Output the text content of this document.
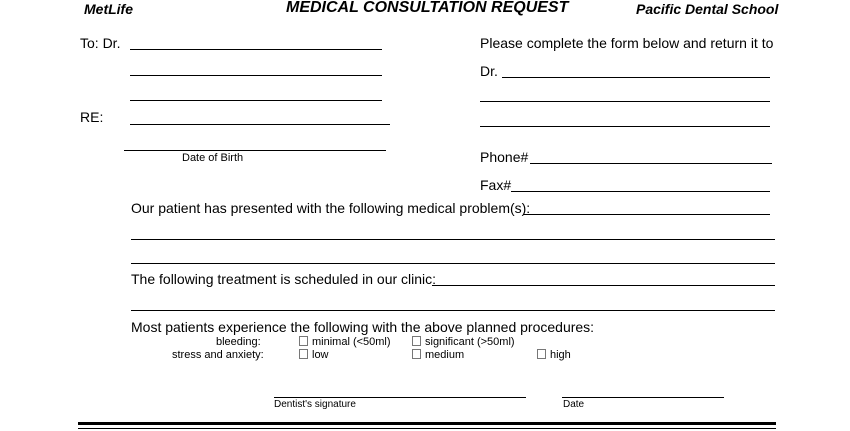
MetLife	MEDICAL CONSULTATION REQUEST	Pacific Dental School
To: Dr.	Please complete the form below and return it to
Dr.
RE:
Date of Birth	Phone#
Fax#
Our patient has presented with the following medical problem(s):
The following treatment is scheduled in our clinic:
Most patients experience the following with the above planned procedures:
bleeding:	minimal (<50ml)	significant (>50ml)
stress and anxiety:	low	medium	high
Dentist's signature	Date
